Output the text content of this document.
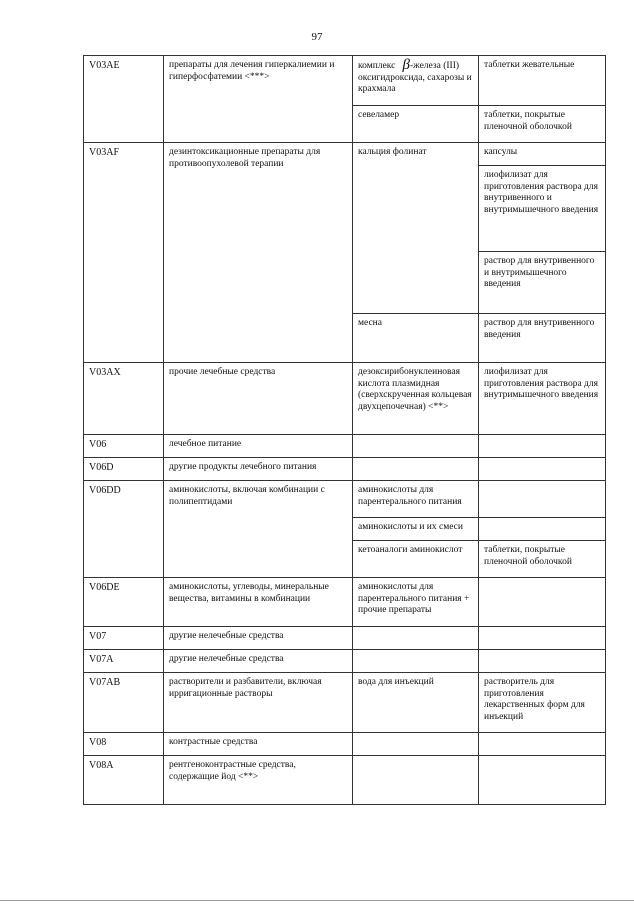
97
V03AE	препараты для лечения гиперкалиемии и гиперфосфатемии <***>	комплекс β-железа (III) оксигидроксида, сахарозы и крахмала	таблетки жевательные
		севеламер	таблетки, покрытые пленочной оболочкой
V03AF	дезинтоксикационные препараты для противоопухолевой терапии	кальция фолинат	капсулы
			лиофилизат для приготовления раствора для внутривенного и внутримышечного введения
			раствор для внутривенного и внутримышечного введения
		месна	раствор для внутривенного введения
V03AX	прочие лечебные средства	дезоксирибонуклеиновая кислота плазмидная (сверхскрученная кольцевая двухцепочечная) <**>	лиофилизат для приготовления раствора для внутримышечного введения
V06	лечебное питание		
V06D	другие продукты лечебного питания		
V06DD	аминокислоты, включая комбинации с полипептидами	аминокислоты для парентерального питания	
		аминокислоты и их смеси	
		кетоаналоги аминокислот	таблетки, покрытые пленочной оболочкой
V06DE	аминокислоты, углеводы, минеральные вещества, витамины в комбинации	аминокислоты для парентерального питания + прочие препараты	
V07	другие нелечебные средства		
V07A	другие нелечебные средства		
V07AB	растворители и разбавители, включая ирригационные растворы	вода для инъекций	растворитель для приготовления лекарственных форм для инъекций
V08	контрастные средства		
V08A	рентгеноконтрастные средства, содержащие йод <**>		
